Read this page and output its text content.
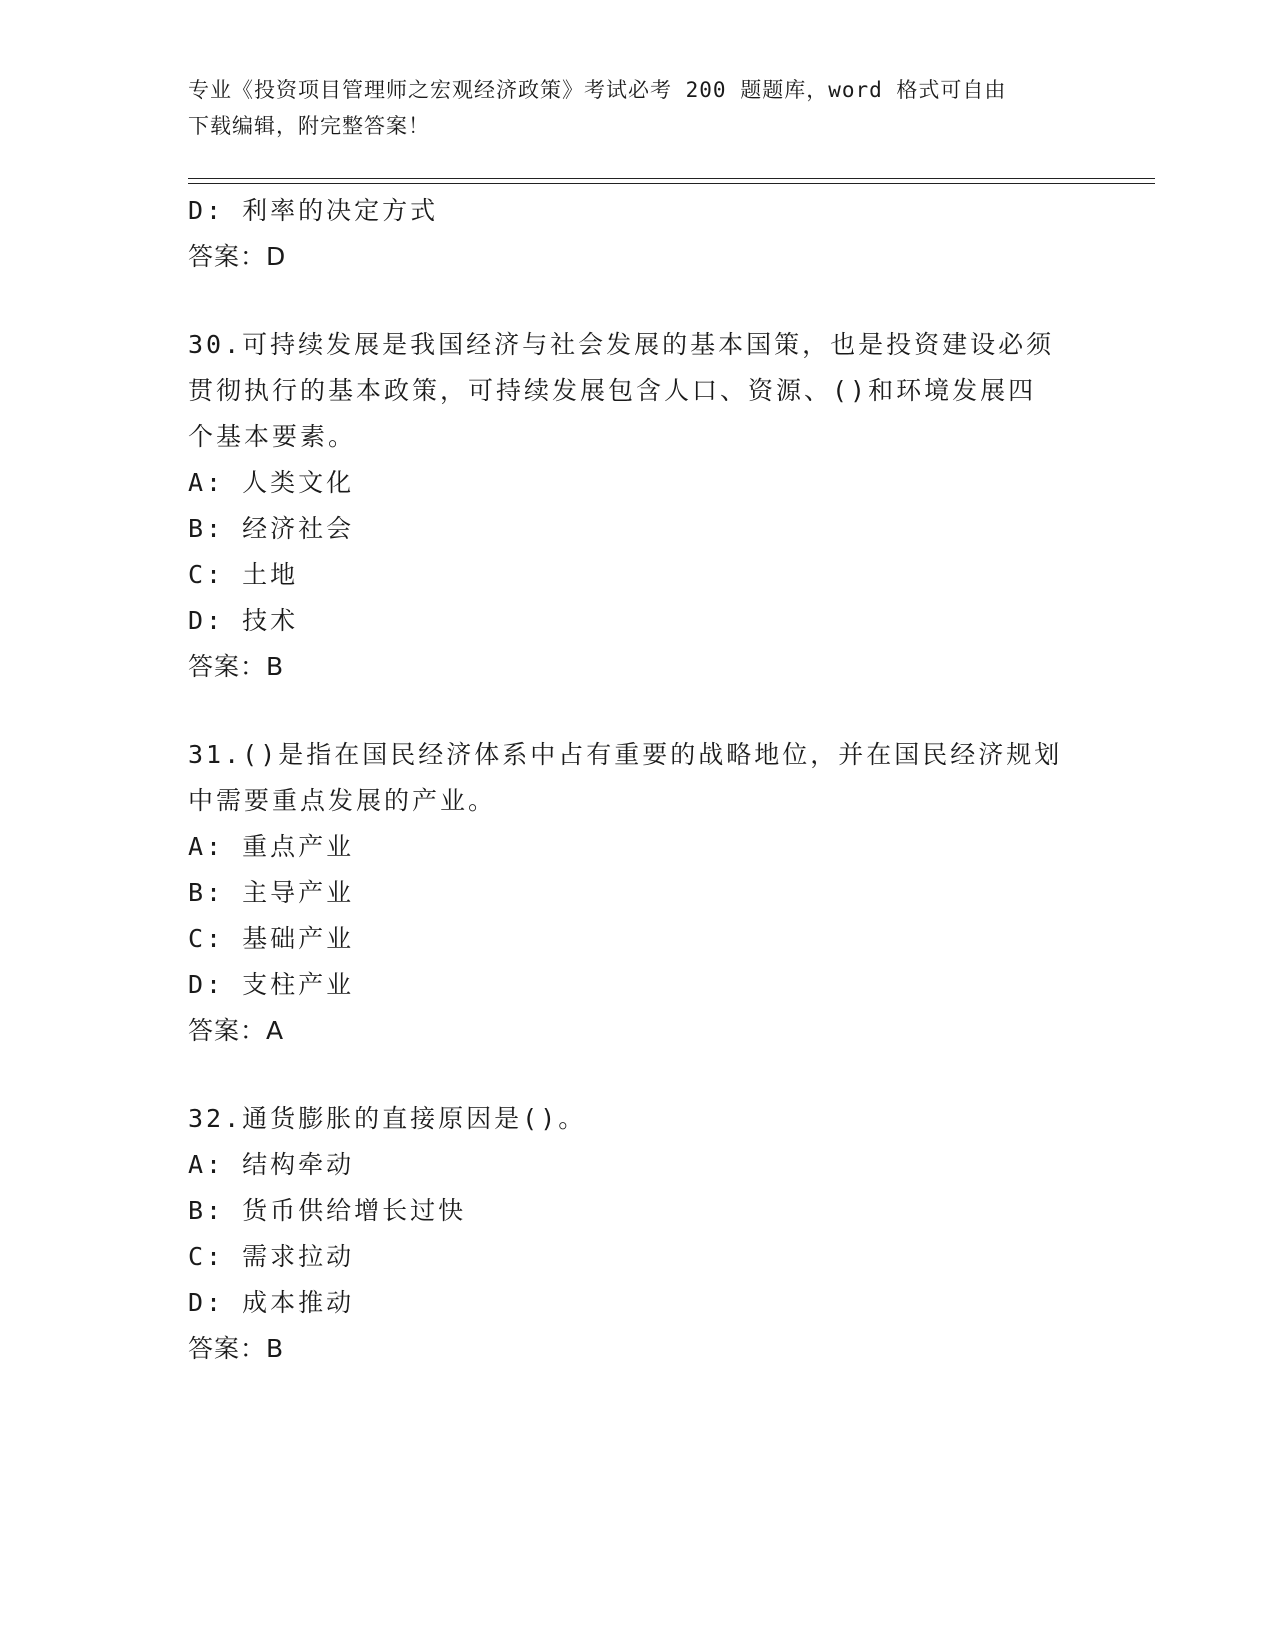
专业《投资项目管理师之宏观经济政策》考试必考 200 题题库，word 格式可自由
下载编辑，附完整答案！
D: 利率的决定方式
答案：D
30.可持续发展是我国经济与社会发展的基本国策，也是投资建设必须
贯彻执行的基本政策，可持续发展包含人口、资源、()和环境发展四
个基本要素。
A: 人类文化
B: 经济社会
C: 土地
D: 技术
答案：B
31.()是指在国民经济体系中占有重要的战略地位，并在国民经济规划
中需要重点发展的产业。
A: 重点产业
B: 主导产业
C: 基础产业
D: 支柱产业
答案：A
32.通货膨胀的直接原因是()。
A: 结构牵动
B: 货币供给增长过快
C: 需求拉动
D: 成本推动
答案：B
